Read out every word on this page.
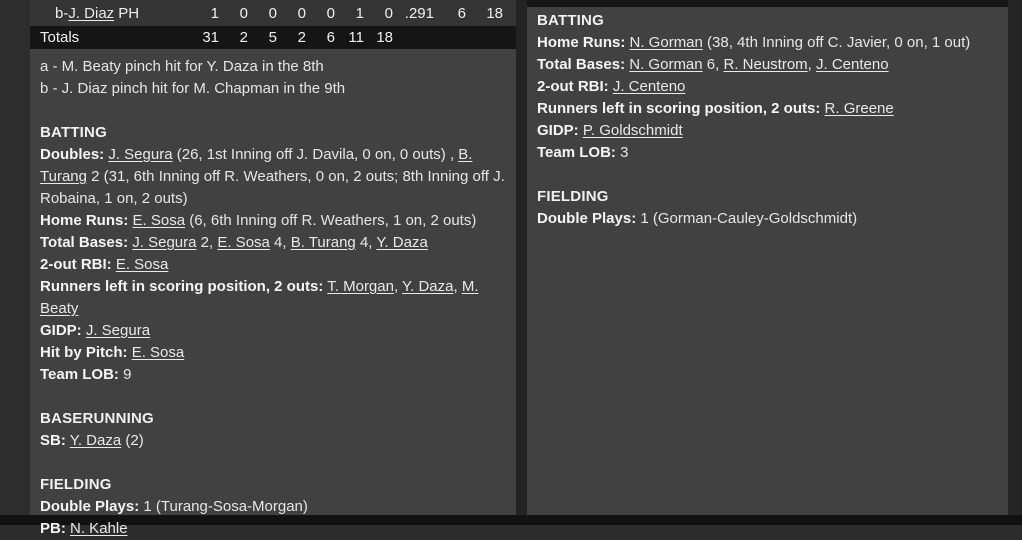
b-J. Diaz PH	1	0	0	0	0	1	0 .291	6	18
Totals	31	2	5	2	6 11 18
a - M. Beaty pinch hit for Y. Daza in the 8th
b - J. Diaz pinch hit for M. Chapman in the 9th
BATTING
Doubles: J. Segura (26, 1st Inning off J. Davila, 0 on, 0 outs) , B. Turang 2 (31, 6th Inning off R. Weathers, 0 on, 2 outs; 8th Inning off J. Robaina, 1 on, 2 outs)
Home Runs: E. Sosa (6, 6th Inning off R. Weathers, 1 on, 2 outs)
Total Bases: J. Segura 2, E. Sosa 4, B. Turang 4, Y. Daza
2-out RBI: E. Sosa
Runners left in scoring position, 2 outs: T. Morgan, Y. Daza, M. Beaty
GIDP: J. Segura
Hit by Pitch: E. Sosa
Team LOB: 9
BASERUNNING
SB: Y. Daza (2)
FIELDING
Double Plays: 1 (Turang-Sosa-Morgan)
PB: N. Kahle
BATTING
Home Runs: N. Gorman (38, 4th Inning off C. Javier, 0 on, 1 out)
Total Bases: N. Gorman 6, R. Neustrom, J. Centeno
2-out RBI: J. Centeno
Runners left in scoring position, 2 outs: R. Greene
GIDP: P. Goldschmidt
Team LOB: 3
FIELDING
Double Plays: 1 (Gorman-Cauley-Goldschmidt)
